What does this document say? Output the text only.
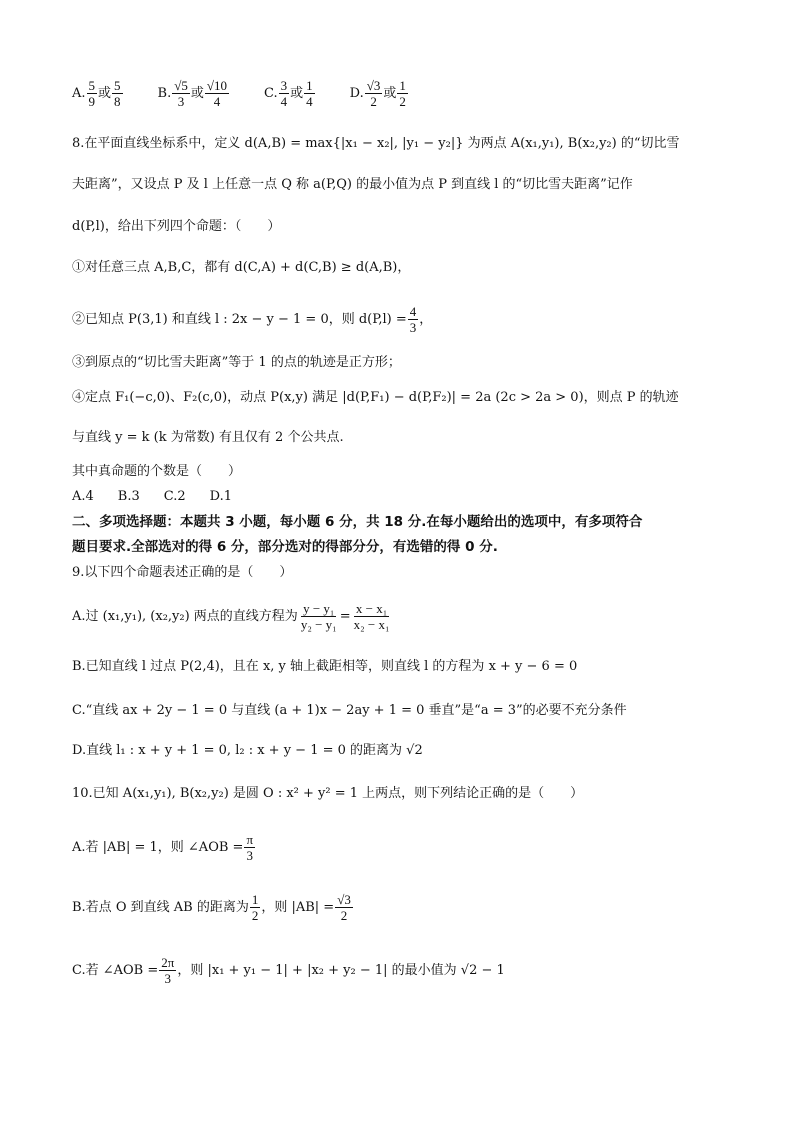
A. $\frac{5}{9}$ 或 $\frac{5}{8}$	B. $\frac{√5}{3}$ 或 $\frac{√10}{4}$	C. $\frac{3}{4}$ 或 $\frac{1}{4}$	D. $\frac{√3}{2}$ 或 $\frac{1}{2}$
8.在平面直线坐标系中，定义 d(A,B) = max{|x₁ − x₂|, |y₁ − y₂|} 为两点 A(x₁,y₁), B(x₂,y₂) 的“切比雪
夫距离”，又设点 P 及 l 上任意一点 Q 称 a(P,Q) 的最小值为点 P 到直线 l 的“切比雪夫距离”记作
d(P,l)，给出下列四个命题：（　　）
①对任意三点 A,B,C，都有 d(C,A) + d(C,B) ≥ d(A,B)，
②已知点 P(3,1) 和直线 l : 2x − y − 1 = 0，则 $d(P,l) = \frac{4}{3}$ ，
③到原点的“切比雪夫距离”等于 1 的点的轨迹是正方形；
④定点 F₁(−c,0)、F₂(c,0)，动点 P(x,y) 满足 |d(P,F₁) − d(P,F₂)| = 2a (2c > 2a > 0)，则点 P 的轨迹
与直线 y = k (k 为常数) 有且仅有 2 个公共点.
其中真命题的个数是（　　）
A.4 B.3 C.2 D.1
二、多项选择题：本题共 3 小题，每小题 6 分，共 18 分.在每小题给出的选项中，有多项符合
题目要求.全部选对的得 6 分，部分选对的得部分分，有选错的得 0 分.
9.以下四个命题表述正确的是（　　）
A.过 (x₁,y₁), (x₂,y₂) 两点的直线方程为 $\frac{\text{y − y₁}}{\text{y₂ − y₁}} = \frac{\text{x − x₁}}{\text{x₂ − x₁}}$
B.已知直线 l 过点 P(2,4)，且在 x, y 轴上截距相等，则直线 l 的方程为 x + y − 6 = 0
C.“直线 ax + 2y − 1 = 0 与直线 (a + 1)x − 2ay + 1 = 0 垂直”是“a = 3”的必要不充分条件
D.直线 l₁ : x + y + 1 = 0, l₂ : x + y − 1 = 0 的距离为 √2
10.已知 A(x₁,y₁), B(x₂,y₂) 是圆 O : x² + y² = 1 上两点，则下列结论正确的是（　　）
A.若 |AB| = 1，则 ∠AOB = $\frac{\pi}{3}$
B.若点 O 到直线 AB 的距离为 $\frac{1}{2}$ ，则 $|AB| = \frac{√3}{2}$
C.若 ∠AOB = $\frac{2\pi}{3}$ ，则 |x₁ + y₁ − 1| + |x₂ + y₂ − 1| 的最小值为 √2 − 1
